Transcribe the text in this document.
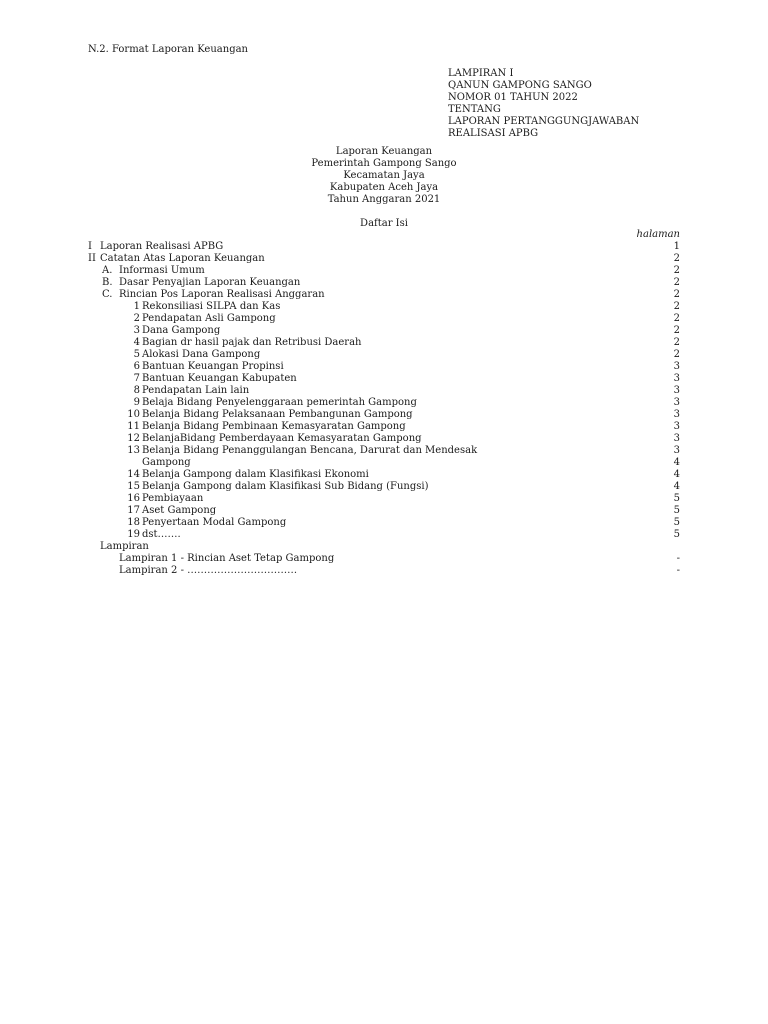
N.2. Format Laporan Keuangan
LAMPIRAN I
QANUN GAMPONG SANGO
NOMOR 01 TAHUN 2022
TENTANG
LAPORAN PERTANGGUNGJAWABAN
REALISASI APBG
Laporan Keuangan
Pemerintah Gampong Sango
Kecamatan Jaya
Kabupaten Aceh Jaya
Tahun Anggaran 2021
Daftar Isi
halaman
I Laporan Realisasi APBG	1
II Catatan Atas Laporan Keuangan	2
A. Informasi Umum	2
B. Dasar Penyajian Laporan Keuangan	2
C. Rincian Pos Laporan Realisasi Anggaran	2
1 Rekonsiliasi SILPA dan Kas	2
2 Pendapatan Asli Gampong	2
3 Dana Gampong	2
4 Bagian dr hasil pajak dan Retribusi Daerah	2
5 Alokasi Dana Gampong	2
6 Bantuan Keuangan Propinsi	3
7 Bantuan Keuangan Kabupaten	3
8 Pendapatan Lain lain	3
9 Belaja Bidang Penyelenggaraan pemerintah Gampong	3
10 Belanja Bidang Pelaksanaan Pembangunan Gampong	3
11 Belanja Bidang Pembinaan Kemasyaratan Gampong	3
12 BelanjaBidang Pemberdayaan Kemasyaratan Gampong	3
13 Belanja Bidang Penanggulangan Bencana, Darurat dan Mendesak	3
Gampong	4
14 Belanja Gampong dalam Klasifikasi Ekonomi	4
15 Belanja Gampong dalam Klasifikasi Sub Bidang (Fungsi)	4
16 Pembiayaan	5
17 Aset Gampong	5
18 Penyertaan Modal Gampong	5
19 dst…….	5
Lampiran
Lampiran 1 - Rincian Aset Tetap Gampong	-
Lampiran 2 - ……………………………	-
